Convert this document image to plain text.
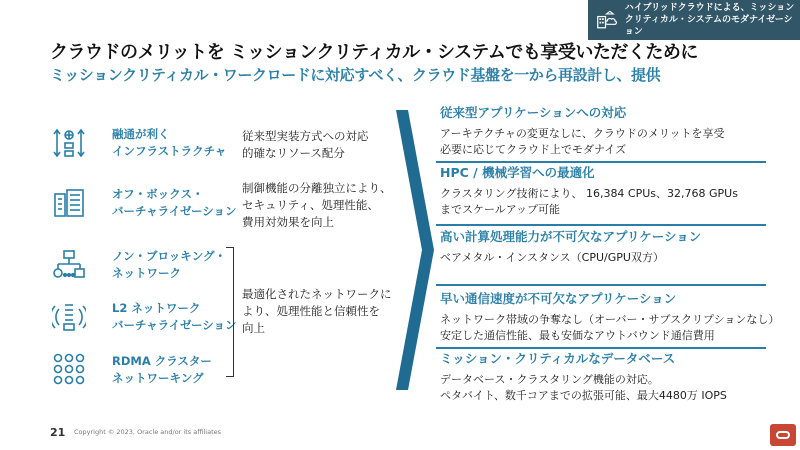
ハイブリッドクラウドによる、ミッション
クリティカル・システムのモダナイゼーション
クラウドのメリットを ミッションクリティカル・システムでも享受いただくために
ミッションクリティカル・ワークロードに対応すべく、クラウド基盤を一から再設計し、提供
融通が利く
インフラストラクチャ
オフ・ボックス・
バーチャライゼーション
ノン・ブロッキング・
ネットワーク
L2 ネットワーク
バーチャライゼーション
RDMA クラスター
ネットワーキング
従来型実装方式への対応
的確なリソース配分
制御機能の分離独立により、
セキュリティ、処理性能、
費用対効果を向上
最適化されたネットワークに
より、処理性能と信頼性を
向上
従来型アプリケーションへの対応
アーキテクチャの変更なしに、クラウドのメリットを享受
必要に応じてクラウド上でモダナイズ
HPC / 機械学習への最適化
クラスタリング技術により、 16,384 CPUs、32,768 GPUs
までスケールアップ可能
高い計算処理能力が不可欠なアプリケーション
ベアメタル・インスタンス（CPU/GPU双方）
早い通信速度が不可欠なアプリケーション
ネットワーク帯域の争奪なし（オーバー・サブスクリプションなし）
安定した通信性能、最も安価なアウトバウンド通信費用
ミッション・クリティカルなデータベース
データベース・クラスタリング機能の対応。
ペタバイト、数千コアまでの拡張可能、最大4480万 IOPS
21 Copyright © 2023, Oracle and/or its affiliates
